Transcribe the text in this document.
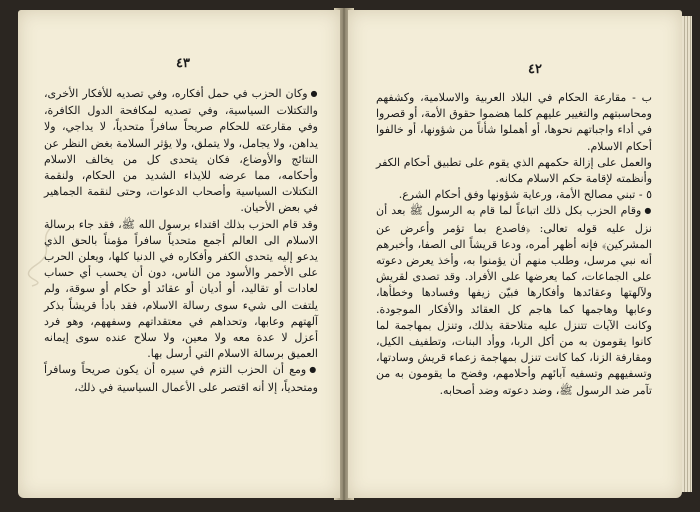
٤٣

● وكان الحزب في حمل أفكاره، وفي تصديه للأفكار الأخرى، والتكتلات السياسية، وفي تصديه لمكافحة الدول الكافرة، وفي مقارعته للحكام صريحاً سافراً متحدياً، لا يداجي، ولا يداهن، ولا يجامل، ولا يتملق، ولا يؤثر السلامة بغض النظر عن النتائج والأوضاع، فكان يتحدى كل من يخالف الاسلام وأحكامه، مما عرضه للايذاء الشديد من الحكام، ولنقمة التكتلات السياسية وأصحاب الدعوات، وحتى لنقمة الجماهير في بعض الأحيان.

وقد قام الحزب بذلك اقتداء برسول الله ﷺ، فقد جاء برسالة الاسلام الى العالم أجمع متحدياً سافراً مؤمناً بالحق الذي يدعو إليه يتحدى الكفر وأفكاره في الدنيا كلها، ويعلن الحرب على الأحمر والأسود من الناس، دون أن يحسب أي حساب لعادات أو تقاليد، أو أديان أو عقائد أو حكام أو سوقة، ولم يلتفت الى شيء سوى رسالة الاسلام، فقد بادأ قريشاً بذكر آلهتهم وعابها، وتحداهم في معتقداتهم وسفههم، وهو فرد أعزل لا عدة معه ولا معين، ولا سلاح عنده سوى إيمانه العميق برسالة الاسلام التي أرسل بها.

● ومع أن الحزب التزم في سيره أن يكون صريحاً وسافراً ومتحدياً، إلا أنه اقتصر على الأعمال السياسية في ذلك،

٤٢

ب - مقارعة الحكام في البلاد العربية والاسلامية، وكشفهم ومحاسبتهم والتغيير عليهم كلما هضموا حقوق الأمة، أو قصروا في أداء واجباتهم نحوها، أو أهملوا شأناً من شؤونها، أو خالفوا أحكام الاسلام.

والعمل على إزالة حكمهم الذي يقوم على تطبيق أحكام الكفر وأنظمته لإقامة حكم الاسلام مكانه.

٥ - تبني مصالح الأمة، ورعاية شؤونها وفق أحكام الشرع.

● وقام الحزب بكل ذلك اتباعاً لما قام به الرسول ﷺ بعد أن نزل عليه قوله تعالى: ﴿فاصدع بما تؤمر وأعرض عن المشركين﴾ فإنه أظهر أمره، ودعا قريشاً الى الصفا، وأخبرهم أنه نبي مرسل، وطلب منهم أن يؤمنوا به، وأخذ يعرض دعوته على الجماعات، كما يعرضها على الأفراد. وقد تصدى لقريش ولآلهتها وعقائدها وأفكارها فبيّن زيفها وفسادها وخطأها، وعابها وهاجمها كما هاجم كل العقائد والأفكار الموجودة. وكانت الآيات تتنزل عليه متلاحقة بذلك، وتنزل بمهاجمة لما كانوا يقومون به من أكل الربا، ووأد البنات، وتطفيف الكيل، ومقارفة الزنا، كما كانت تنزل بمهاجمة زعماء قريش وسادتها، وتسفيههم وتسفيه آبائهم وأحلامهم، وفضح ما يقومون به من تآمر ضد الرسول ﷺ، وضد دعوته وضد أصحابه.
